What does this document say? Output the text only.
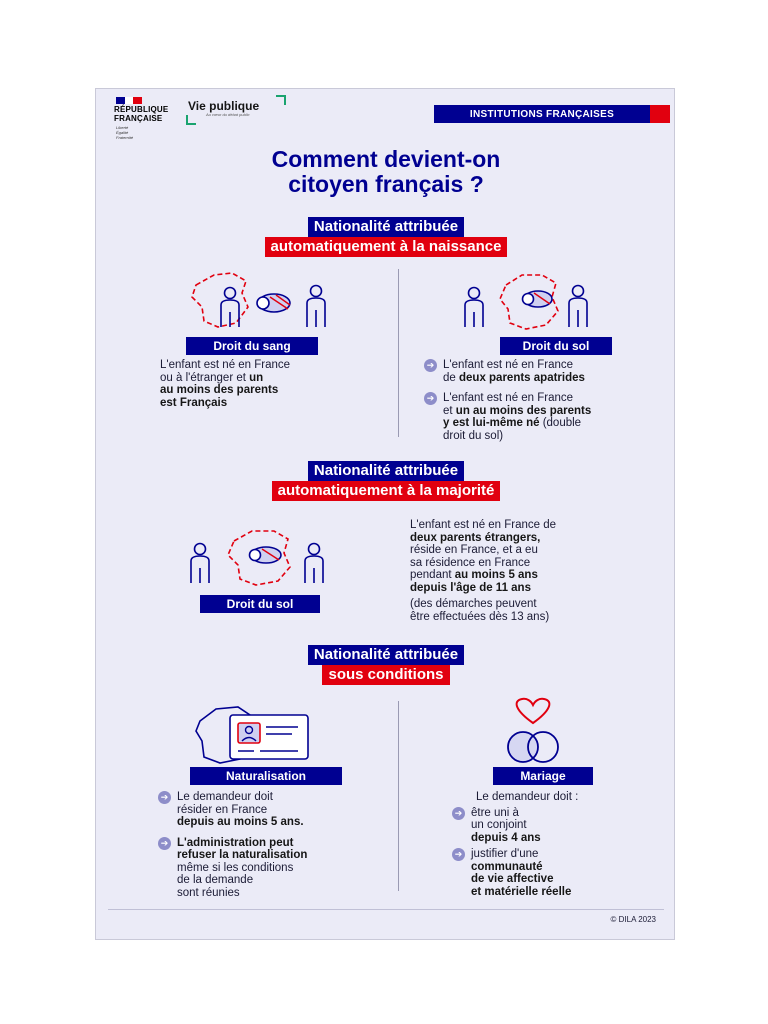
RÉPUBLIQUE
FRANÇAISE
Liberté
Égalité
Fraternité
Vie publique
Au cœur du débat public	INSTITUTIONS FRANÇAISES
Comment devient-on
citoyen français ?
Nationalité attribuée
automatiquement à la naissance
Droit du sang
L'enfant est né en France
ou à l'étranger et un
au moins des parents
est Français
Droit du sol
➔ L'enfant est né en France
de deux parents apatrides
➔ L'enfant est né en France
et un au moins des parents
y est lui-même né (double
droit du sol)
Nationalité attribuée
automatiquement à la majorité
Droit du sol
L'enfant est né en France de
deux parents étrangers,
réside en France, et a eu
sa résidence en France
pendant au moins 5 ans
depuis l'âge de 11 ans
(des démarches peuvent
être effectuées dès 13 ans)
Nationalité attribuée
sous conditions
Naturalisation
➔ Le demandeur doit
résider en France
depuis au moins 5 ans.
➔ L'administration peut
refuser la naturalisation
même si les conditions
de la demande
sont réunies
Mariage
Le demandeur doit :
➔ être uni à
un conjoint
depuis 4 ans
➔ justifier d'une
communauté
de vie affective
et matérielle réelle
© DILA 2023
